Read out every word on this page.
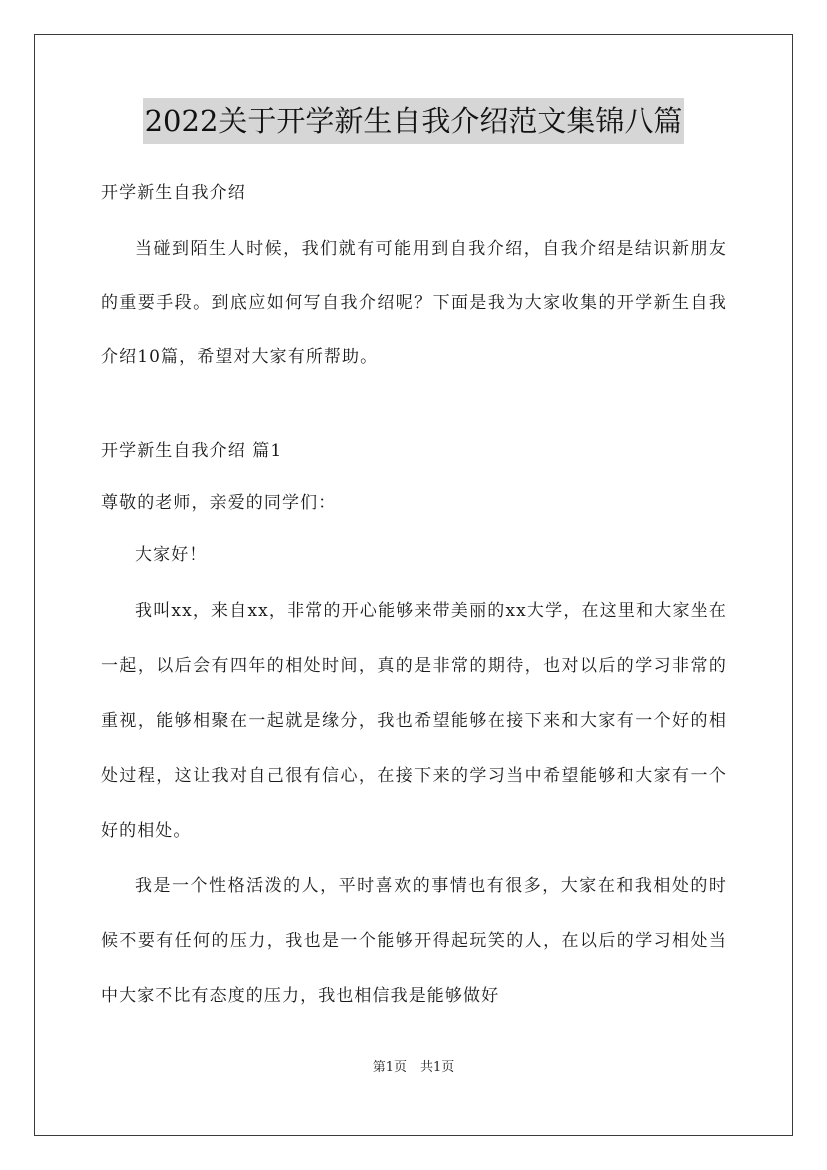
2022关于开学新生自我介绍范文集锦八篇
开学新生自我介绍

当碰到陌生人时候，我们就有可能用到自我介绍，自我介绍是结识新朋友的重要手段。到底应如何写自我介绍呢？下面是我为大家收集的开学新生自我介绍10篇，希望对大家有所帮助。

开学新生自我介绍 篇1
尊敬的老师，亲爱的同学们：
大家好！

我叫xx，来自xx，非常的开心能够来带美丽的xx大学，在这里和大家坐在一起，以后会有四年的相处时间，真的是非常的期待，也对以后的学习非常的重视，能够相聚在一起就是缘分，我也希望能够在接下来和大家有一个好的相处过程，这让我对自己很有信心，在接下来的学习当中希望能够和大家有一个好的相处。

我是一个性格活泼的人，平时喜欢的事情也有很多，大家在和我相处的时候不要有任何的压力，我也是一个能够开得起玩笑的人，在以后的学习相处当中大家不比有态度的压力，我也相信我是能够做好

第1页　共1页
